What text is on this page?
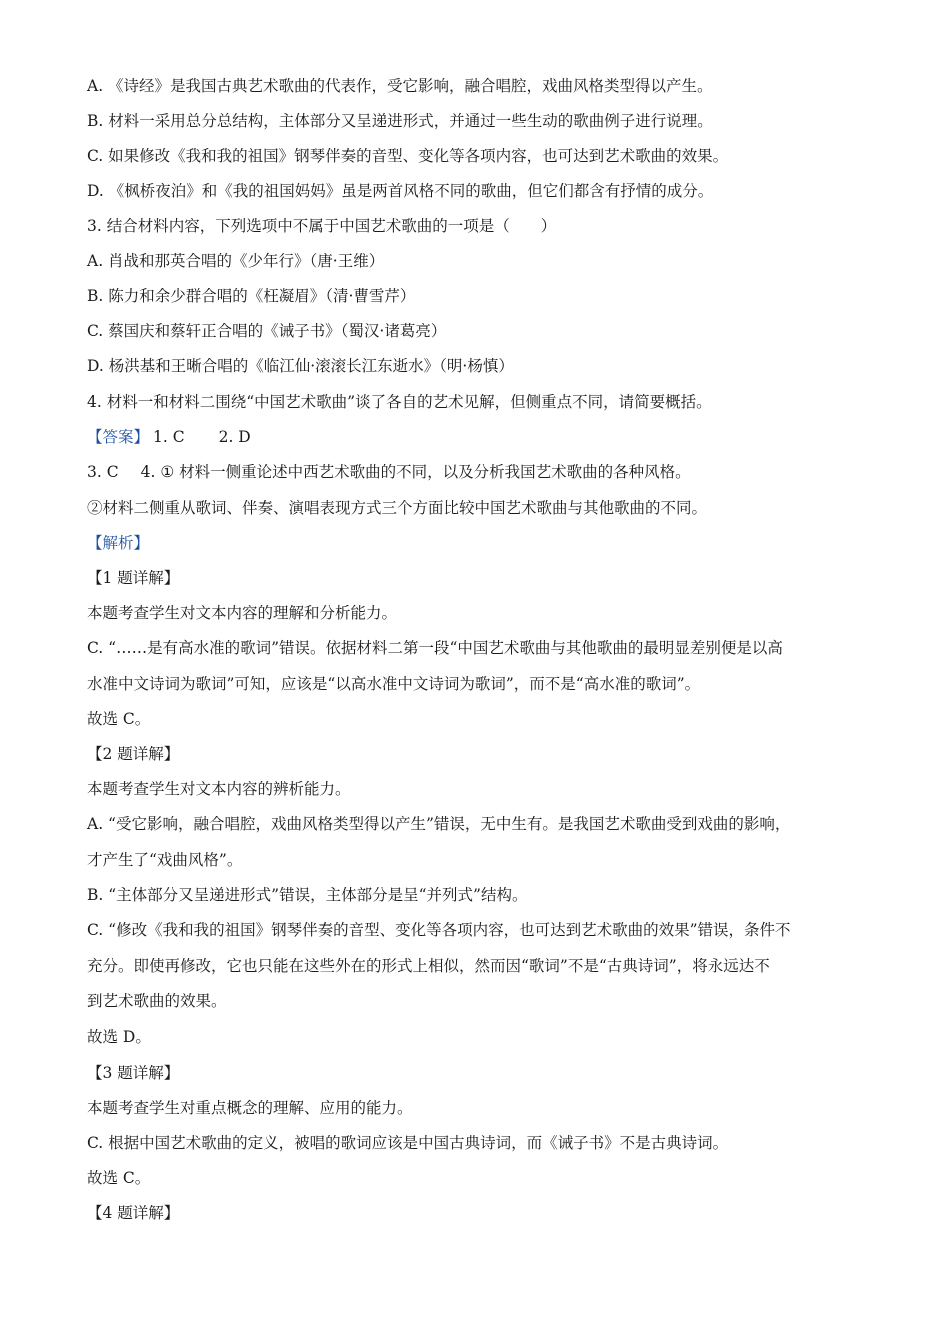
A. 《诗经》是我国古典艺术歌曲的代表作，受它影响，融合唱腔，戏曲风格类型得以产生。
B. 材料一采用总分总结构，主体部分又呈递进形式，并通过一些生动的歌曲例子进行说理。
C. 如果修改《我和我的祖国》钢琴伴奏的音型、变化等各项内容，也可达到艺术歌曲的效果。
D. 《枫桥夜泊》和《我的祖国妈妈》虽是两首风格不同的歌曲，但它们都含有抒情的成分。
3. 结合材料内容，下列选项中不属于中国艺术歌曲的一项是（　　）
A. 肖战和那英合唱的《少年行》（唐·王维）
B. 陈力和余少群合唱的《枉凝眉》（清·曹雪芹）
C. 蔡国庆和蔡轩正合唱的《诫子书》（蜀汉·诸葛亮）
D. 杨洪基和王晰合唱的《临江仙·滚滚长江东逝水》（明·杨慎）
4. 材料一和材料二围绕“中国艺术歌曲”谈了各自的艺术见解，但侧重点不同，请简要概括。
【答案】 1. C 2. D
3. C 4. ① 材料一侧重论述中西艺术歌曲的不同，以及分析我国艺术歌曲的各种风格。
②材料二侧重从歌词、伴奏、演唱表现方式三个方面比较中国艺术歌曲与其他歌曲的不同。
【解析】
【1 题详解】
本题考查学生对文本内容的理解和分析能力。
C. “……是有高水准的歌词”错误。依据材料二第一段“中国艺术歌曲与其他歌曲的最明显差别便是以高
水准中文诗词为歌词”可知，应该是“以高水准中文诗词为歌词”，而不是“高水准的歌词”。
故选 C。
【2 题详解】
本题考查学生对文本内容的辨析能力。
A. “受它影响，融合唱腔，戏曲风格类型得以产生”错误，无中生有。是我国艺术歌曲受到戏曲的影响，
才产生了“戏曲风格”。
B. “主体部分又呈递进形式”错误，主体部分是呈“并列式”结构。
C. “修改《我和我的祖国》钢琴伴奏的音型、变化等各项内容，也可达到艺术歌曲的效果”错误，条件不
充分。即使再修改，它也只能在这些外在的形式上相似，然而因“歌词”不是“古典诗词”，将永远达不
到艺术歌曲的效果。
故选 D。
【3 题详解】
本题考查学生对重点概念的理解、应用的能力。
C. 根据中国艺术歌曲的定义，被唱的歌词应该是中国古典诗词，而《诫子书》不是古典诗词。
故选 C。
【4 题详解】
